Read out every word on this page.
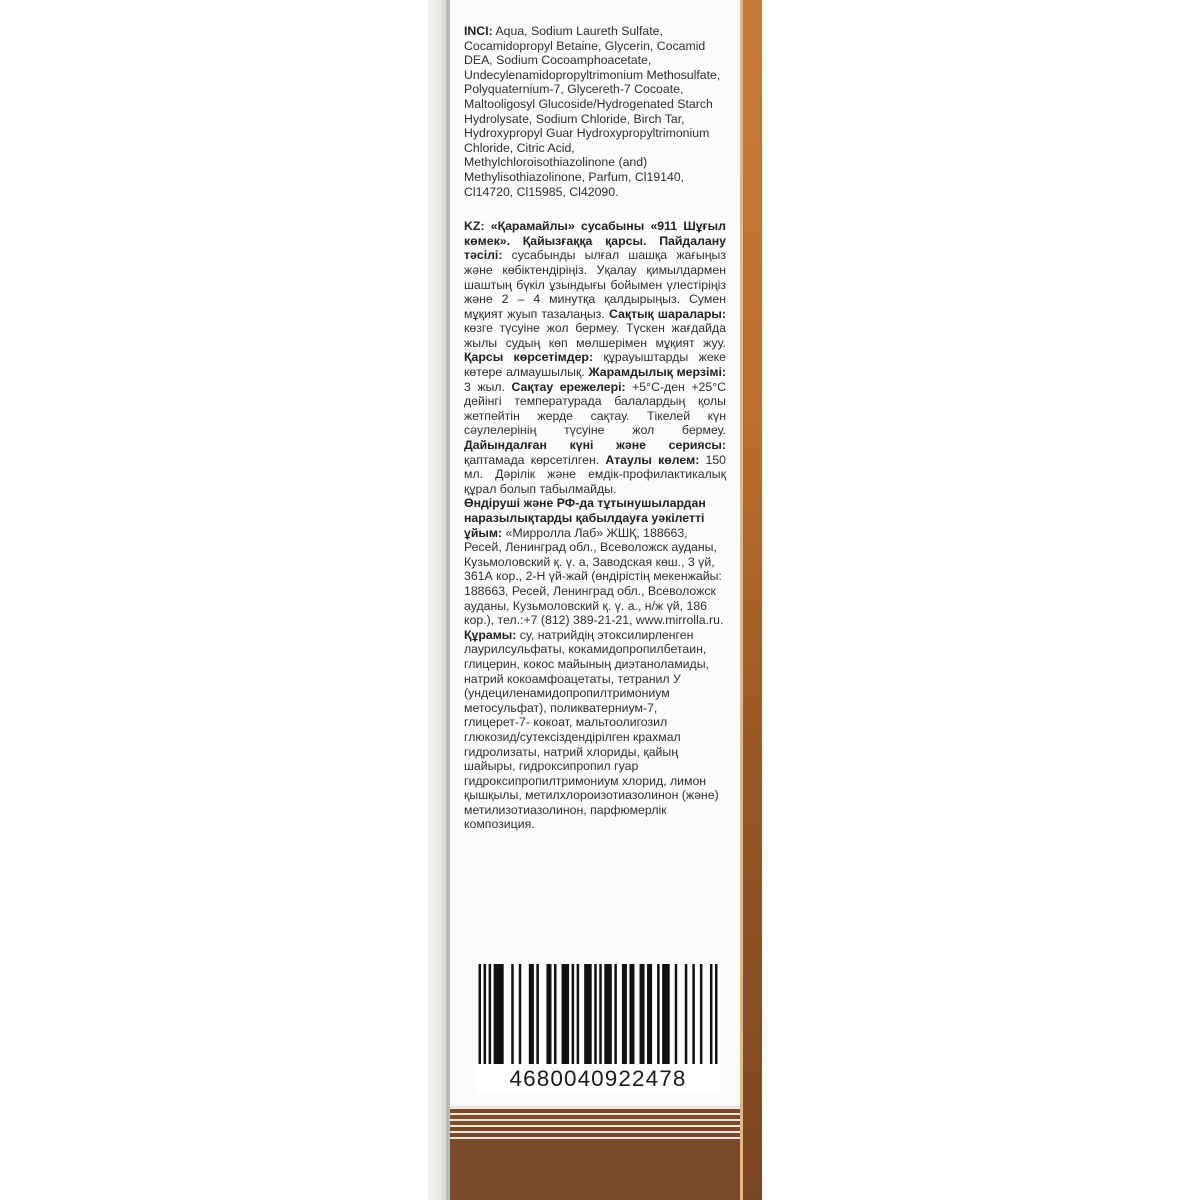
INCI: Aqua, Sodium Laureth Sulfate, Cocamidopropyl Betaine, Glycerin, Cocamid DEA, Sodium Cocoamphoacetate, Undecylenamidopropyltrimonium Methosulfate, Polyquaternium-7, Glycereth-7 Cocoate, Maltooligosyl Glucoside/Hydrogenated Starch Hydrolysate, Sodium Chloride, Birch Tar, Hydroxypropyl Guar Hydroxypropyltrimonium Chloride, Citric Acid, Methylchloroisothiazolinone (and) Methylisothiazolinone, Parfum, Cl19140, Cl14720, Cl15985, Cl42090.

KZ: «Қарамайлы» сусабыны «911 Шұғыл көмек». Қайызғаққа қарсы. Пайдалану тәсілі: сусабынды ылғал шашқа жағыңыз және көбіктендіріңіз. Уқалау қимылдармен шаштың бүкіл ұзындығы бойымен үлестіріңіз және 2 – 4 минутқа қалдырыңыз. Сумен мұқият жуып тазалаңыз. Сақтық шаралары: көзге түсуіне жол бермеу. Түскен жағдайда жылы судың көп мөлшерімен мұқият жуу. Қарсы көрсетімдер: құрауыштарды жеке көтере алмаушылық. Жарамдылық мерзімі: 3 жыл. Сақтау ережелері: +5°C-ден +25°C дейінгі температурада балалардың қолы жетпейтін жерде сақтау. Тікелей күн сәулелерінің түсуіне жол бермеу. Дайындалған күні және сериясы: қаптамада көрсетілген. Атаулы көлем: 150 мл. Дәрілік және емдік-профилактикалық құрал болып табылмайды.

Өндіруші және РФ-да тұтынушылардан наразылықтарды қабылдауға уәкілетті ұйым: «Мирролла Лаб» ЖШҚ, 188663, Ресей, Ленинград обл., Всеволожск ауданы, Кузьмоловский қ. ү. а, Заводская көш., 3 үй, 361А кор., 2-Н үй-жай (өндірістің мекенжайы: 188663, Ресей, Ленинград обл., Всеволожск ауданы, Кузьмоловский қ. ү. а., н/ж үй, 186 кор.), тел.:+7 (812) 389-21-21, www.mirrolla.ru. Құрамы: су, натрийдің этоксилирленген лаурилсульфаты, кокамидопропилбетаин, глицерин, кокос майының диэтаноламиды, натрий кокоамфоацетаты, тетранил У (ундециленамидопропилтримониум метосульфат), поликватерниум-7, глицерет-7- кокоат, мальтоолигозил глюкозид/сутексіздендірілген крахмал гидролизаты, натрий хлориды, қайың шайыры, гидроксипропил гуар гидроксипропилтримониум хлорид, лимон қышқылы, метилхлороизотиазолинон (және) метилизотиазолинон, парфюмерлік композиция.

4680040922478
